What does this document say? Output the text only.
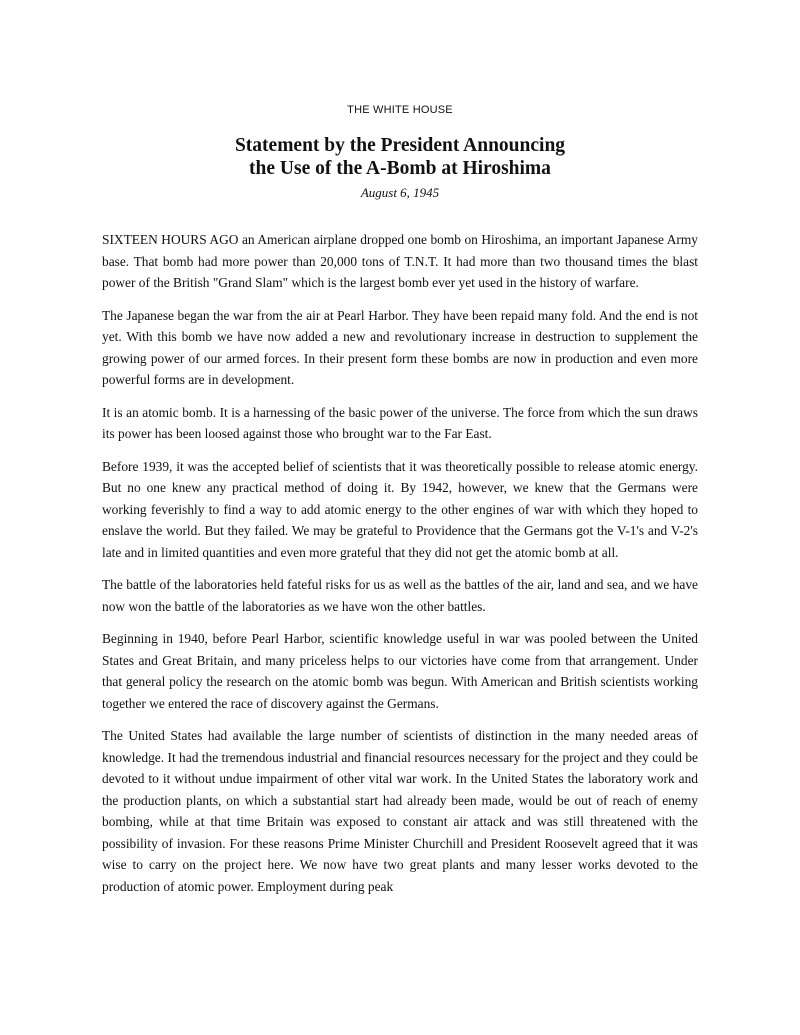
THE WHITE HOUSE
Statement by the President Announcing
the Use of the A-Bomb at Hiroshima
August 6, 1945

SIXTEEN HOURS AGO an American airplane dropped one bomb on Hiroshima, an important Japanese Army base. That bomb had more power than 20,000 tons of T.N.T. It had more than two thousand times the blast power of the British "Grand Slam" which is the largest bomb ever yet used in the history of warfare.

The Japanese began the war from the air at Pearl Harbor. They have been repaid many fold. And the end is not yet. With this bomb we have now added a new and revolutionary increase in destruction to supplement the growing power of our armed forces. In their present form these bombs are now in production and even more powerful forms are in development.

It is an atomic bomb. It is a harnessing of the basic power of the universe. The force from which the sun draws its power has been loosed against those who brought war to the Far East.

Before 1939, it was the accepted belief of scientists that it was theoretically possible to release atomic energy. But no one knew any practical method of doing it. By 1942, however, we knew that the Germans were working feverishly to find a way to add atomic energy to the other engines of war with which they hoped to enslave the world. But they failed. We may be grateful to Providence that the Germans got the V-1's and V-2's late and in limited quantities and even more grateful that they did not get the atomic bomb at all.

The battle of the laboratories held fateful risks for us as well as the battles of the air, land and sea, and we have now won the battle of the laboratories as we have won the other battles.

Beginning in 1940, before Pearl Harbor, scientific knowledge useful in war was pooled between the United States and Great Britain, and many priceless helps to our victories have come from that arrangement. Under that general policy the research on the atomic bomb was begun. With American and British scientists working together we entered the race of discovery against the Germans.

The United States had available the large number of scientists of distinction in the many needed areas of knowledge. It had the tremendous industrial and financial resources necessary for the project and they could be devoted to it without undue impairment of other vital war work. In the United States the laboratory work and the production plants, on which a substantial start had already been made, would be out of reach of enemy bombing, while at that time Britain was exposed to constant air attack and was still threatened with the possibility of invasion. For these reasons Prime Minister Churchill and President Roosevelt agreed that it was wise to carry on the project here. We now have two great plants and many lesser works devoted to the production of atomic power. Employment during peak
